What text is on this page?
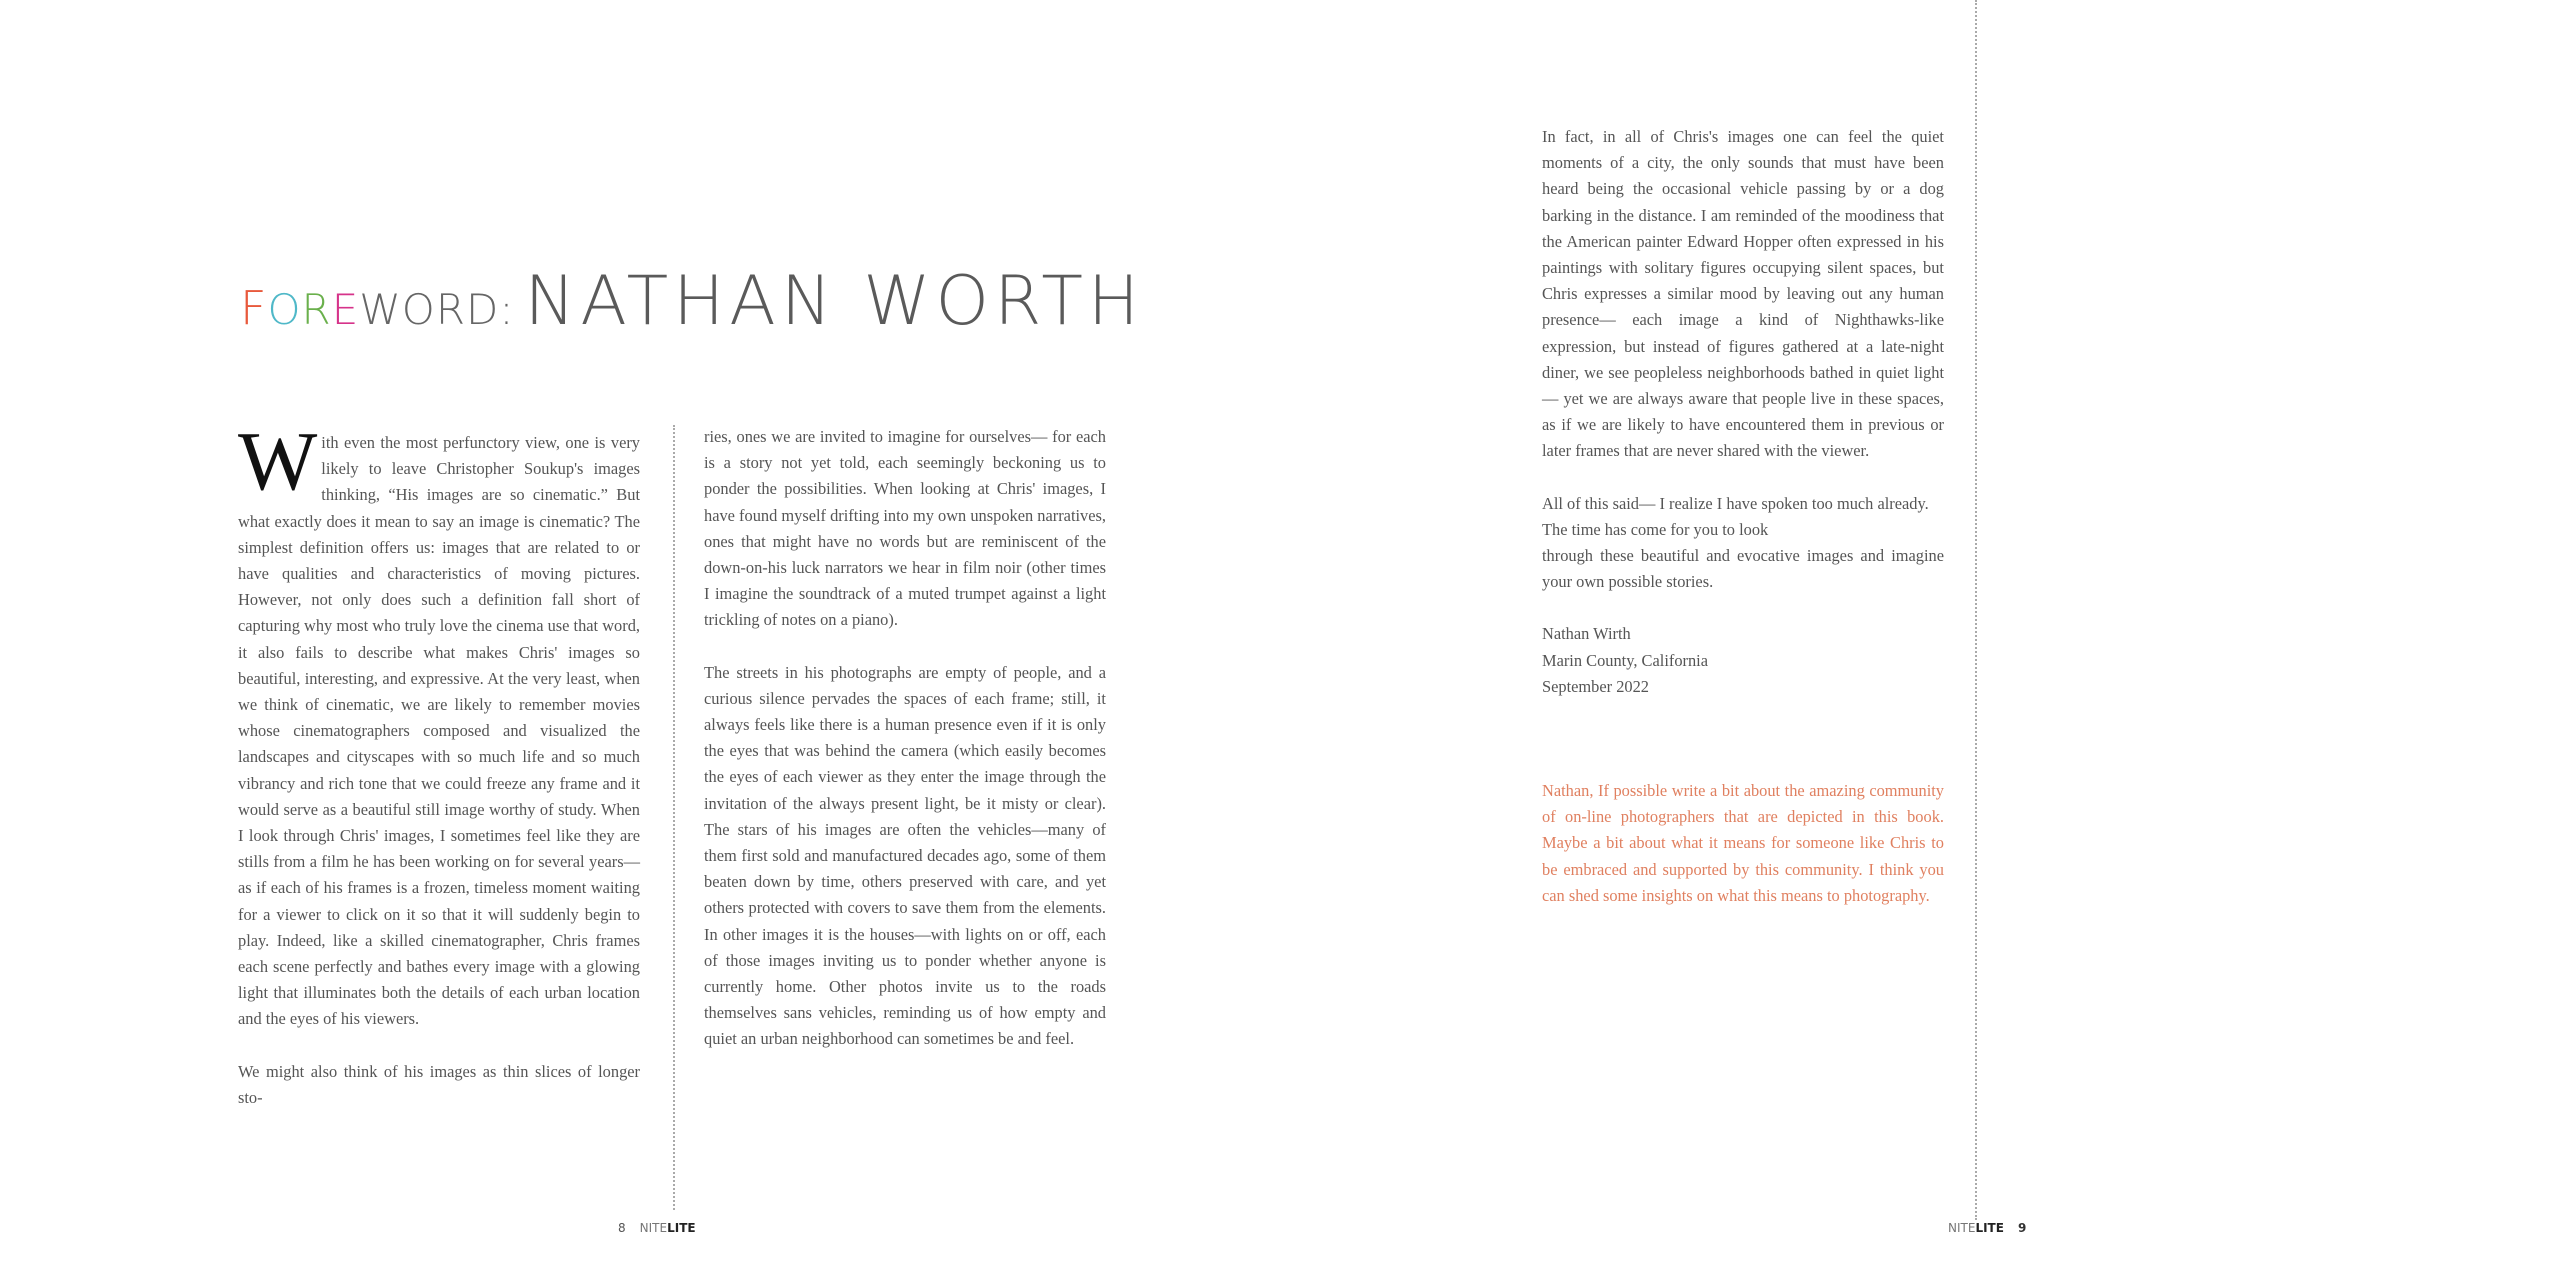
FOREWORD: NATHAN WORTH

With even the most perfunctory view, one is very likely to leave Christopher Soukup's images thinking, “His images are so cinematic.” But what exactly does it mean to say an image is cinematic? The simplest definition offers us: images that are related to or have qualities and characteristics of moving pictures. However, not only does such a definition fall short of capturing why most who truly love the cinema use that word, it also fails to describe what makes Chris' images so beautiful, interesting, and expressive. At the very least, when we think of cinematic, we are likely to remember movies whose cinematographers composed and visualized the landscapes and cityscapes with so much life and so much vibrancy and rich tone that we could freeze any frame and it would serve as a beautiful still image worthy of study. When I look through Chris' images, I sometimes feel like they are stills from a film he has been working on for several years— as if each of his frames is a frozen, timeless moment waiting for a viewer to click on it so that it will suddenly begin to play. Indeed, like a skilled cinematographer, Chris frames each scene perfectly and bathes every image with a glowing light that illuminates both the details of each urban location and the eyes of his viewers.

We might also think of his images as thin slices of longer sto-

ries, ones we are invited to imagine for ourselves— for each is a story not yet told, each seemingly beckoning us to ponder the possibilities. When looking at Chris' images, I have found myself drifting into my own unspoken narratives, ones that might have no words but are reminiscent of the down-on-his luck narrators we hear in film noir (other times I imagine the soundtrack of a muted trumpet against a light trickling of notes on a piano).

The streets in his photographs are empty of people, and a curious silence pervades the spaces of each frame; still, it always feels like there is a human presence even if it is only the eyes that was behind the camera (which easily becomes the eyes of each viewer as they enter the image through the invitation of the always present light, be it misty or clear). The stars of his images are often the vehicles—many of them first sold and manufactured decades ago, some of them beaten down by time, others preserved with care, and yet others protected with covers to save them from the elements. In other images it is the houses—with lights on or off, each of those images inviting us to ponder whether anyone is currently home. Other photos invite us to the roads themselves sans vehicles, reminding us of how empty and quiet an urban neighborhood can sometimes be and feel.

8 NITELITE

In fact, in all of Chris's images one can feel the quiet moments of a city, the only sounds that must have been heard being the occasional vehicle passing by or a dog barking in the distance. I am reminded of the moodiness that the American painter Edward Hopper often expressed in his paintings with solitary figures occupying silent spaces, but Chris expresses a similar mood by leaving out any human presence— each image a kind of Nighthawks-like expression, but instead of figures gathered at a late-night diner, we see peopleless neighborhoods bathed in quiet light— yet we are always aware that people live in these spaces, as if we are likely to have encountered them in previous or later frames that are never shared with the viewer.

All of this said— I realize I have spoken too much already.
The time has come for you to look

through these beautiful and evocative images and imagine your own possible stories.

Nathan Wirth
Marin County, California
September 2022

Nathan, If possible write a bit about the amazing community of on-line photographers that are depicted in this book. Maybe a bit about what it means for someone like Chris to be embraced and supported by this community. I think you can shed some insights on what this means to photography.

NITELITE 9
